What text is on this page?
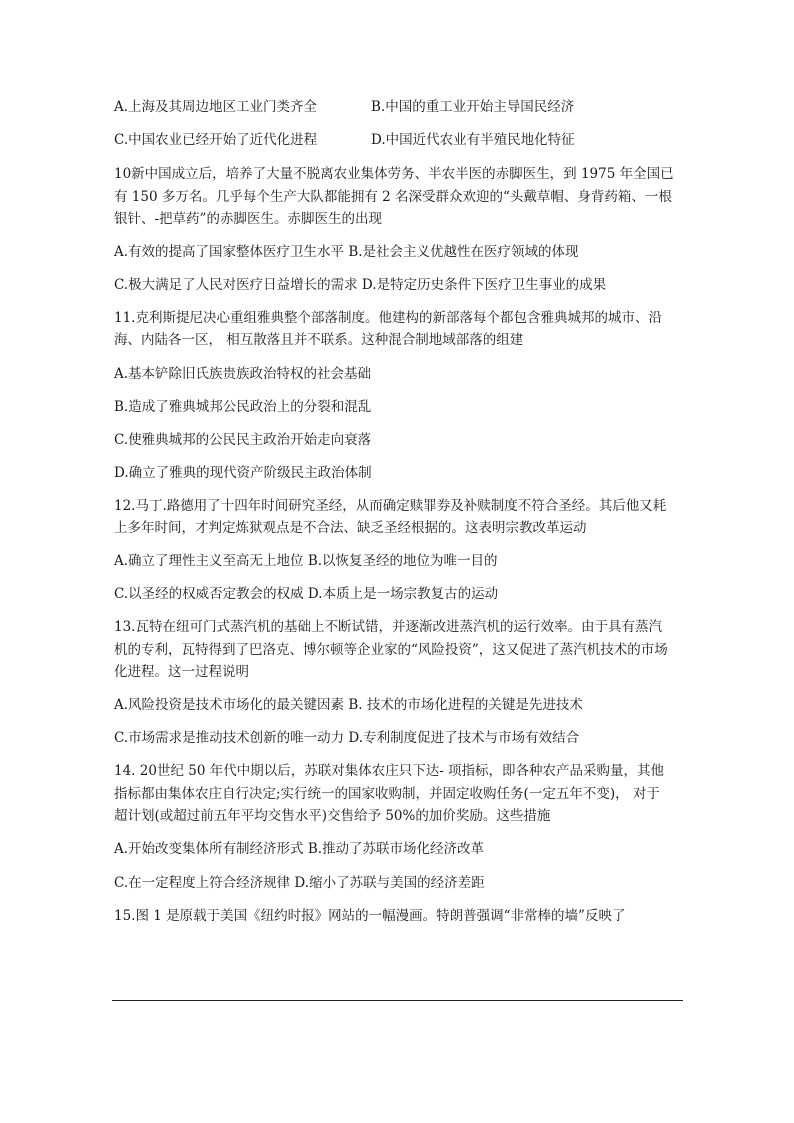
A.上海及其周边地区工业门类齐全	B.中国的重工业开始主导国民经济
C.中国农业已经开始了近代化进程	D.中国近代农业有半殖民地化特征
10新中国成立后，培养了大量不脱离农业集体劳务、半农半医的赤脚医生，到 1975 年全国已
有 150 多万名。几乎每个生产大队都能拥有 2 名深受群众欢迎的“头戴草帽、身背药箱、一根
银针、-把草药”的赤脚医生。赤脚医生的出现
A.有效的提高了国家整体医疗卫生水平 B.是社会主义优越性在医疗领域的体现
C.极大满足了人民对医疗日益增长的需求 D.是特定历史条件下医疗卫生事业的成果
11.克利斯提尼决心重组雅典整个部落制度。他建构的新部落每个都包含雅典城邦的城市、沿
海、内陆各一区， 相互散落且并不联系。这种混合制地域部落的组建
A.基本铲除旧氏族贵族政治特权的社会基础
B.造成了雅典城邦公民政治上的分裂和混乱
C.使雅典城邦的公民民主政治开始走向衰落
D.确立了雅典的现代资产阶级民主政治体制
12.马丁.路德用了十四年时间研究圣经，从而确定赎罪券及补赎制度不符合圣经。其后他又耗
上多年时间，才判定炼狱观点是不合法、缺乏圣经根据的。这表明宗教改革运动
A.确立了理性主义至高无上地位 B.以恢复圣经的地位为唯一目的
C.以圣经的权威否定教会的权威 D.本质上是一场宗教复古的运动
13.瓦特在纽可门式蒸汽机的基础上不断试错，并逐渐改进蒸汽机的运行效率。由于具有蒸汽
机的专利，瓦特得到了巴洛克、博尔顿等企业家的“风险投资”，这又促进了蒸汽机技术的市场
化进程。这一过程说明
A.风险投资是技术市场化的最关键因素 B. 技术的市场化进程的关键是先进技术
C.市场需求是推动技术创新的唯一动力 D.专利制度促进了技术与市场有效结合
14. 20世纪 50 年代中期以后，苏联对集体农庄只下达- 项指标，即各种农产品采购量，其他
指标都由集体农庄自行决定;实行统一的国家收购制，并固定收购任务(一定五年不变)， 对于
超计划(或超过前五年平均交售水平)交售给予 50%的加价奖励。这些措施
A.开始改变集体所有制经济形式 B.推动了苏联市场化经济改革
C.在一定程度上符合经济规律 D.缩小了苏联与美国的经济差距
15.图 1 是原载于美国《纽约时报》网站的一幅漫画。特朗普强调“非常棒的墙”反映了
